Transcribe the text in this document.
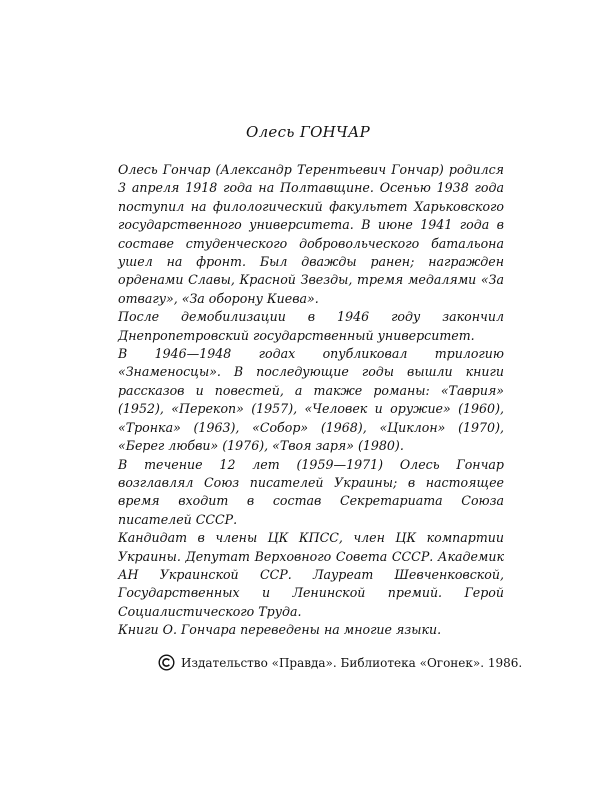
Олесь ГОНЧАР

Олесь Гончар (Александр Терентьевич Гончар) родился 3 апреля 1918 года на Полтавщине. Осенью 1938 года поступил на филологический факультет Харьковского государственного университета. В июне 1941 года в составе студенческого добровольческого батальона ушел на фронт. Был дважды ранен; награжден орденами Славы, Красной Звезды, тремя медалями «За отвагу», «За оборону Киева».

После демобилизации в 1946 году закончил Днепропетровский государственный университет.

В 1946—1948 годах опубликовал трилогию «Знаменосцы». В последующие годы вышли книги рассказов и повестей, а также романы: «Таврия» (1952), «Перекоп» (1957), «Человек и оружие» (1960), «Тронка» (1963), «Собор» (1968), «Циклон» (1970), «Берег любви» (1976), «Твоя заря» (1980).

В течение 12 лет (1959—1971) Олесь Гончар возглавлял Союз писателей Украины; в настоящее время входит в состав Секретариата Союза писателей СССР.

Кандидат в члены ЦК КПСС, член ЦК компартии Украины. Депутат Верховного Совета СССР. Академик АН Украинской ССР. Лауреат Шевченковской, Государственных и Ленинской премий. Герой Социалистического Труда.

Книги О. Гончара переведены на многие языки.

Издательство «Правда». Библиотека «Огонек». 1986.
